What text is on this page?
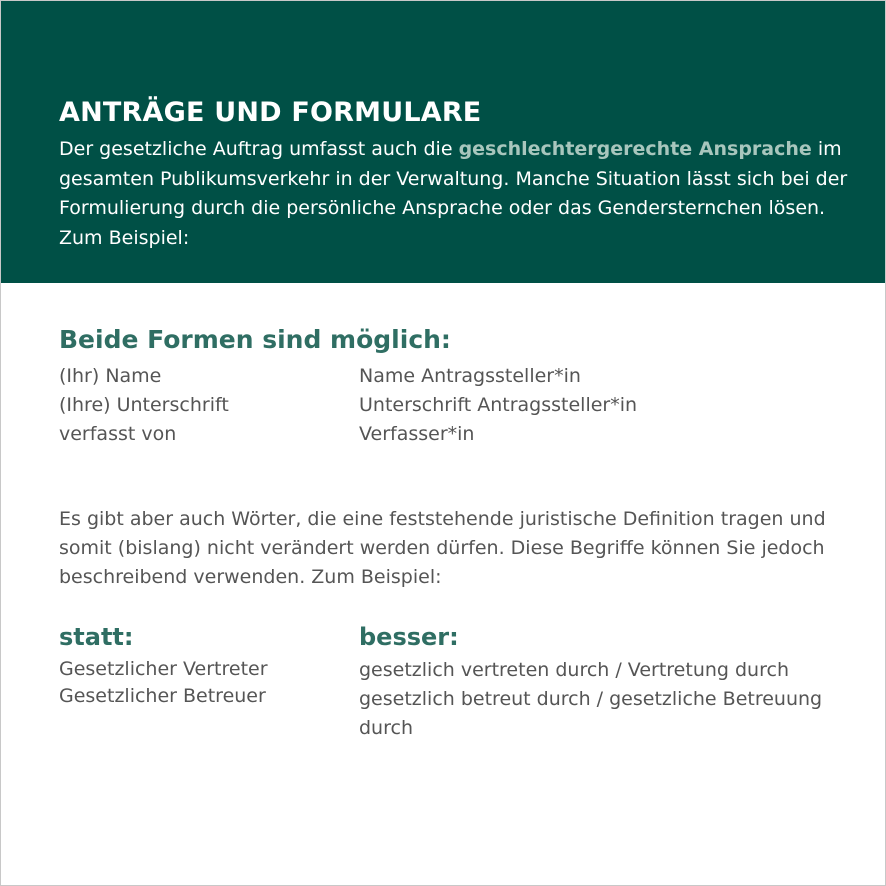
ANTRÄGE UND FORMULARE

Der gesetzliche Auftrag umfasst auch die geschlechtergerechte Ansprache im gesamten Publikumsverkehr in der Verwaltung. Manche Situation lässt sich bei der Formulierung durch die persönliche Ansprache oder das Gendersternchen lösen. Zum Beispiel:

Beide Formen sind möglich:
(Ihr) Name
(Ihre) Unterschrift
verfasst von
Name Antragssteller*in
Unterschrift Antragssteller*in
Verfasser*in

Es gibt aber auch Wörter, die eine feststehende juristische Definition tragen und somit (bislang) nicht verändert werden dürfen. Diese Begriffe können Sie jedoch beschreibend verwenden. Zum Beispiel:

statt:	besser:
Gesetzlicher Vertreter
Gesetzlicher Betreuer
gesetzlich vertreten durch / Vertretung durch
gesetzlich betreut durch / gesetzliche Betreuung durch
